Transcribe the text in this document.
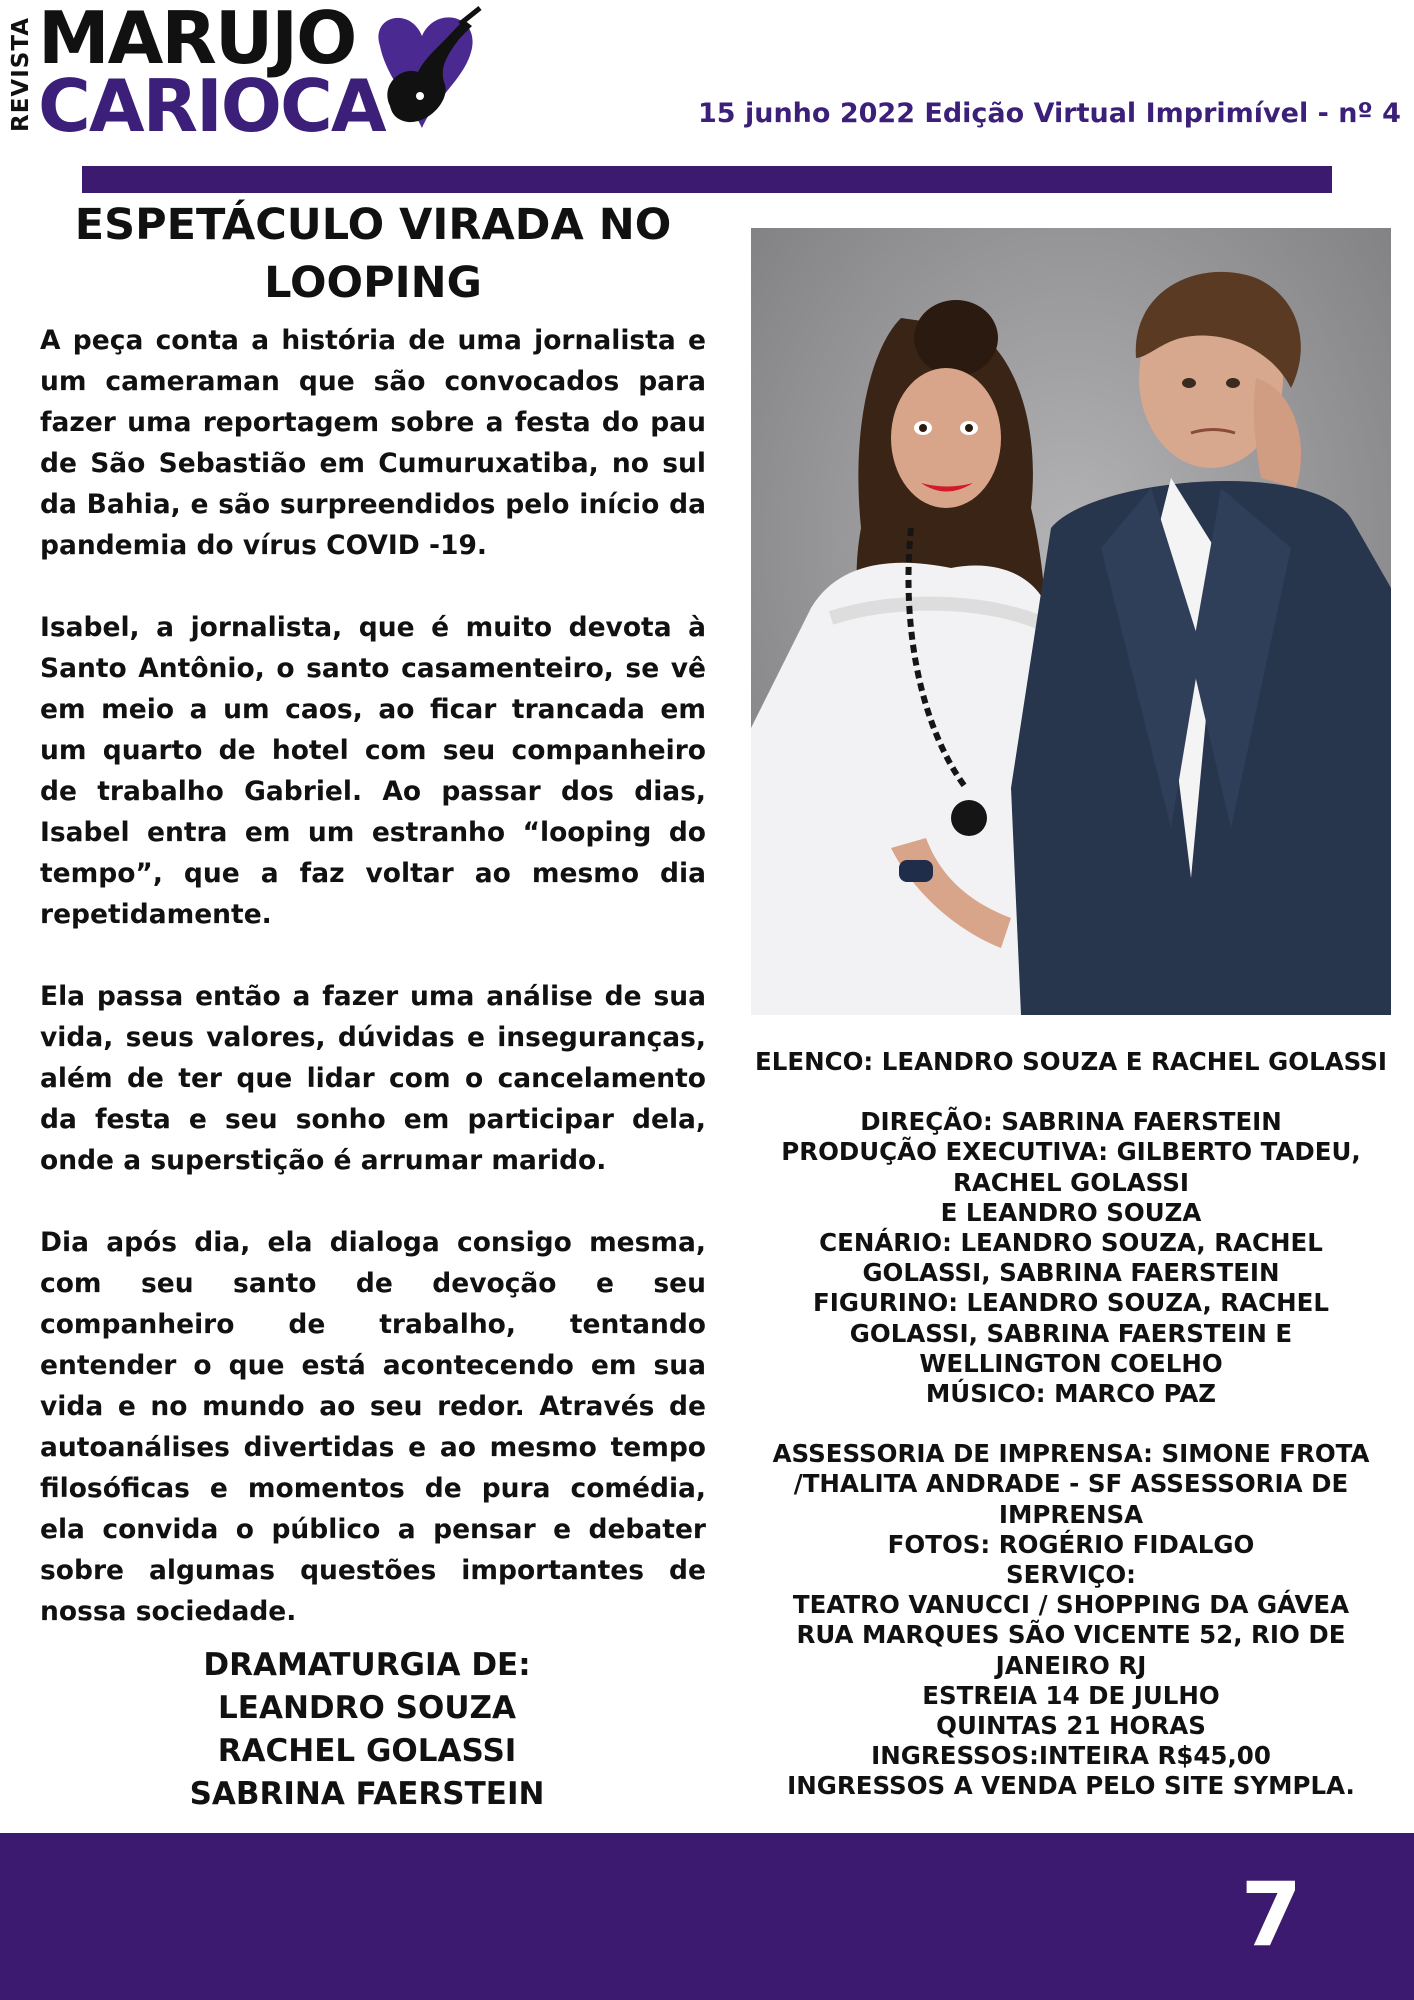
REVISTA MARUJO
CARIOCA	15 junho 2022 Edição Virtual Imprimível - nº 4
ESPETÁCULO VIRADA NO LOOPING

A peça conta a história de uma jornalista e um cameraman que são convocados para fazer uma reportagem sobre a festa do pau de São Sebastião em Cumuruxatiba, no sul da Bahia, e são surpreendidos pelo início da pandemia do vírus COVID -19.

Isabel, a jornalista, que é muito devota à Santo Antônio, o santo casamenteiro, se vê em meio a um caos, ao ficar trancada em um quarto de hotel com seu companheiro de trabalho Gabriel. Ao passar dos dias, Isabel entra em um estranho “looping do tempo”, que a faz voltar ao mesmo dia repetidamente.

Ela passa então a fazer uma análise de sua vida, seus valores, dúvidas e inseguranças, além de ter que lidar com o cancelamento da festa e seu sonho em participar dela, onde a superstição é arrumar marido.

Dia após dia, ela dialoga consigo mesma, com seu santo de devoção e seu companheiro de trabalho, tentando entender o que está acontecendo em sua vida e no mundo ao seu redor. Através de autoanálises divertidas e ao mesmo tempo filosóficas e momentos de pura comédia, ela convida o público a pensar e debater sobre algumas questões importantes de nossa sociedade.

DRAMATURGIA DE:
LEANDRO SOUZA
RACHEL GOLASSI
SABRINA FAERSTEIN
ELENCO: LEANDRO SOUZA E RACHEL GOLASSI
DIREÇÃO: SABRINA FAERSTEIN
PRODUÇÃO EXECUTIVA: GILBERTO TADEU,
RACHEL GOLASSI
E LEANDRO SOUZA
CENÁRIO: LEANDRO SOUZA, RACHEL
GOLASSI, SABRINA FAERSTEIN
FIGURINO: LEANDRO SOUZA, RACHEL
GOLASSI, SABRINA FAERSTEIN E
WELLINGTON COELHO
MÚSICO: MARCO PAZ
ASSESSORIA DE IMPRENSA: SIMONE FROTA
/THALITA ANDRADE - SF ASSESSORIA DE
IMPRENSA
FOTOS: ROGÉRIO FIDALGO
SERVIÇO:
TEATRO VANUCCI / SHOPPING DA GÁVEA
RUA MARQUES SÃO VICENTE 52, RIO DE
JANEIRO RJ
ESTREIA 14 DE JULHO
QUINTAS 21 HORAS
INGRESSOS:INTEIRA R$45,00
INGRESSOS A VENDA PELO SITE SYMPLA.
7
